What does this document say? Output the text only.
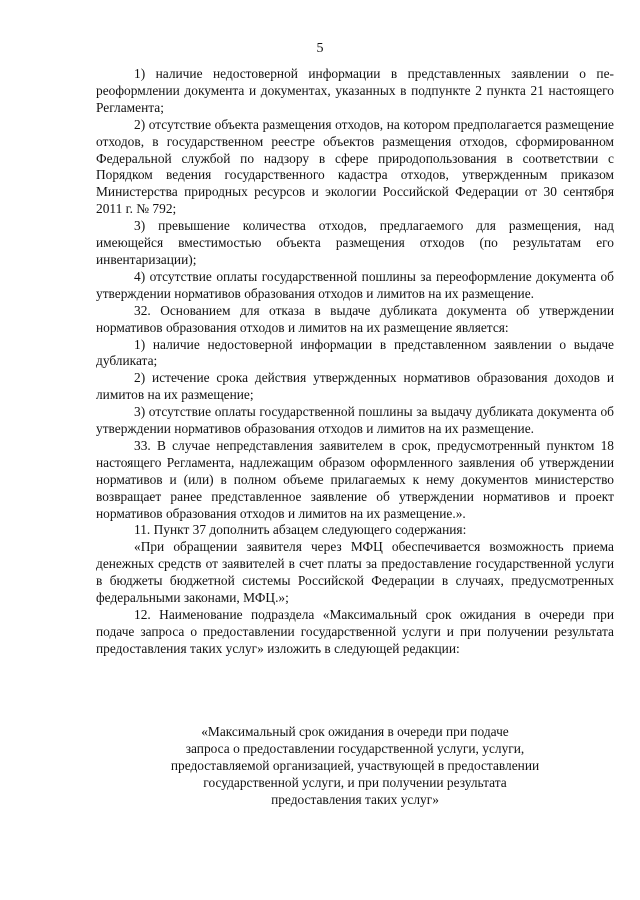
5

1) наличие недостоверной информации в представленных заявлении о переоформлении документа и документах, указанных в подпункте 2 пункта 21 настоящего Регламента;

2) отсутствие объекта размещения отходов, на котором предполагается размещение отходов, в государственном реестре объектов размещения отходов, сформированном Федеральной службой по надзору в сфере природопользования в соответствии с Порядком ведения государственного кадастра отходов, утвержденным приказом Министерства природных ресурсов и экологии Российской Федерации от 30 сентября 2011 г. № 792;

3) превышение количества отходов, предлагаемого для размещения, над имеющейся вместимостью объекта размещения отходов (по результатам его инвентаризации);

4) отсутствие оплаты государственной пошлины за переоформление документа об утверждении нормативов образования отходов и лимитов на их размещение.

32. Основанием для отказа в выдаче дубликата документа об утверждении нормативов образования отходов и лимитов на их размещение является:

1) наличие недостоверной информации в представленном заявлении о выдаче дубликата;

2) истечение срока действия утвержденных нормативов образования доходов и лимитов на их размещение;

3) отсутствие оплаты государственной пошлины за выдачу дубликата документа об утверждении нормативов образования отходов и лимитов на их размещение.

33. В случае непредставления заявителем в срок, предусмотренный пунктом 18 настоящего Регламента, надлежащим образом оформленного заявления об утверждении нормативов и (или) в полном объеме прилагаемых к нему документов министерство возвращает ранее представленное заявление об утверждении нормативов и проект нормативов образования отходов и лимитов на их размещение.».

11. Пункт 37 дополнить абзацем следующего содержания:

«При обращении заявителя через МФЦ обеспечивается возможность приема денежных средств от заявителей в счет платы за предоставление государственной услуги в бюджеты бюджетной системы Российской Федерации в случаях, предусмотренных федеральными законами, МФЦ.»;

12. Наименование подраздела «Максимальный срок ожидания в очереди при подаче запроса о предоставлении государственной услуги и при получении результата предоставления таких услуг» изложить в следующей редакции:

«Максимальный срок ожидания в очереди при подаче
запроса о предоставлении государственной услуги, услуги,
предоставляемой организацией, участвующей в предоставлении
государственной услуги, и при получении результата
предоставления таких услуг»
